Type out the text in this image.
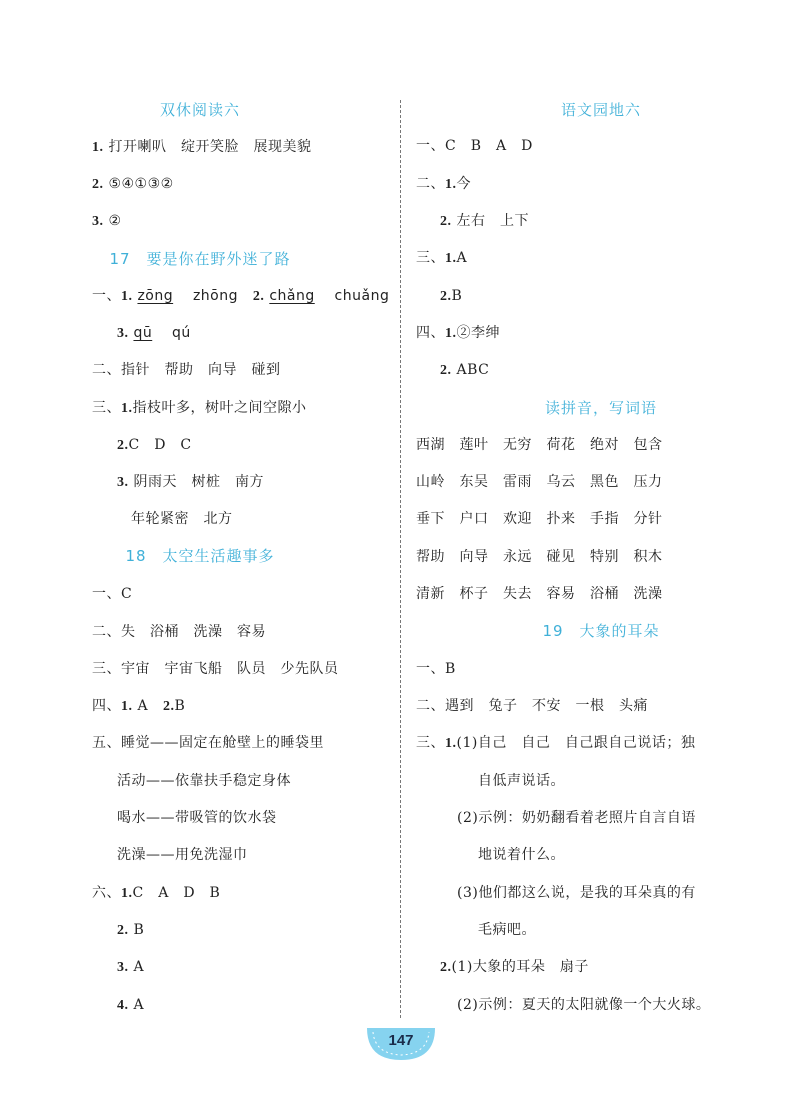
双休阅读六
1. 打开喇叭　绽开笑脸　展现美貌
2. ⑤④①③②
3. ②
17　要是你在野外迷了路
一、1. zōng zhōng 2. chǎng chuǎng
3. qū qú
二、指针　帮助　向导　碰到
三、1.指枝叶多，树叶之间空隙小
2.C　D　C
3. 阴雨天　树桩　南方
年轮紧密　北方
18　太空生活趣事多
一、C
二、失　浴桶　洗澡　容易
三、宇宙　宇宙飞船　队员　少先队员
四、1. A 2.B
五、睡觉——固定在舱壁上的睡袋里
活动——依靠扶手稳定身体
喝水——带吸管的饮水袋
洗澡——用免洗湿巾
六、1.C　A　D　B
2. B
3. A
4. A
语文园地六
一、C　B　A　D
二、1.今
2. 左右　上下
三、1.A
2.B
四、1.②李绅
2. ABC
读拼音，写词语
西湖　莲叶　无穷　荷花　绝对　包含
山岭　东吴　雷雨　乌云　黑色　压力
垂下　户口　欢迎　扑来　手指　分针
帮助　向导　永远　碰见　特别　积木
清新　杯子　失去　容易　浴桶　洗澡
19　大象的耳朵
一、B
二、遇到　兔子　不安　一根　头痛
三、1.(1)自己　自己　自己跟自己说话；独
自低声说话。
(2)示例：奶奶翻看着老照片自言自语
地说着什么。
(3)他们都这么说，是我的耳朵真的有
毛病吧。
2.(1)大象的耳朵　扇子
(2)示例：夏天的太阳就像一个大火球。
147
